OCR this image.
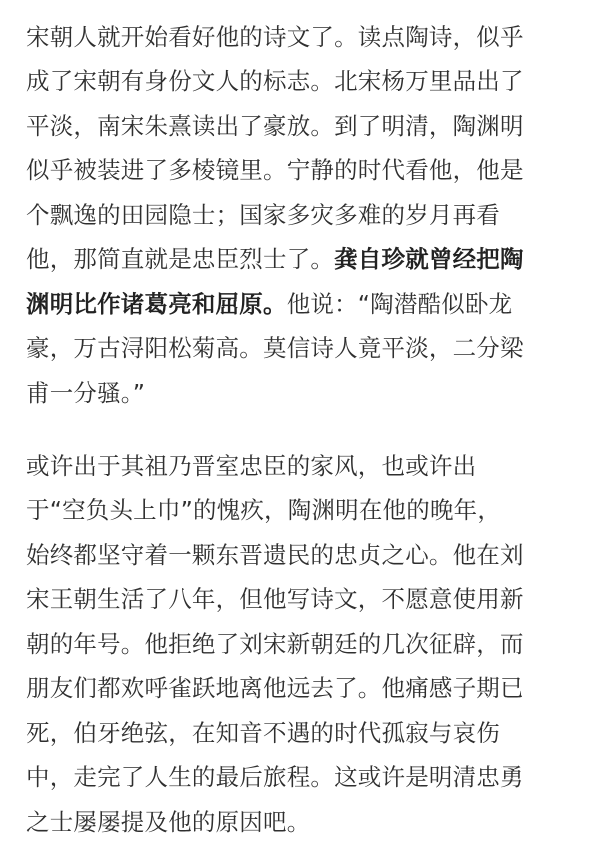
宋朝人就开始看好他的诗文了。读点陶诗，似乎
成了宋朝有身份文人的标志。北宋杨万里品出了
平淡，南宋朱熹读出了豪放。到了明清，陶渊明
似乎被装进了多棱镜里。宁静的时代看他，他是
个飘逸的田园隐士；国家多灾多难的岁月再看
他，那简直就是忠臣烈士了。龚自珍就曾经把陶
渊明比作诸葛亮和屈原。他说：“陶潜酷似卧龙
豪，万古浔阳松菊高。莫信诗人竟平淡，二分梁
甫一分骚。”
或许出于其祖乃晋室忠臣的家风，也或许出
于“空负头上巾”的愧疚，陶渊明在他的晚年，
始终都坚守着一颗东晋遗民的忠贞之心。他在刘
宋王朝生活了八年，但他写诗文，不愿意使用新
朝的年号。他拒绝了刘宋新朝廷的几次征辟，而
朋友们都欢呼雀跃地离他远去了。他痛感子期已
死，伯牙绝弦，在知音不遇的时代孤寂与哀伤
中，走完了人生的最后旅程。这或许是明清忠勇
之士屡屡提及他的原因吧。
